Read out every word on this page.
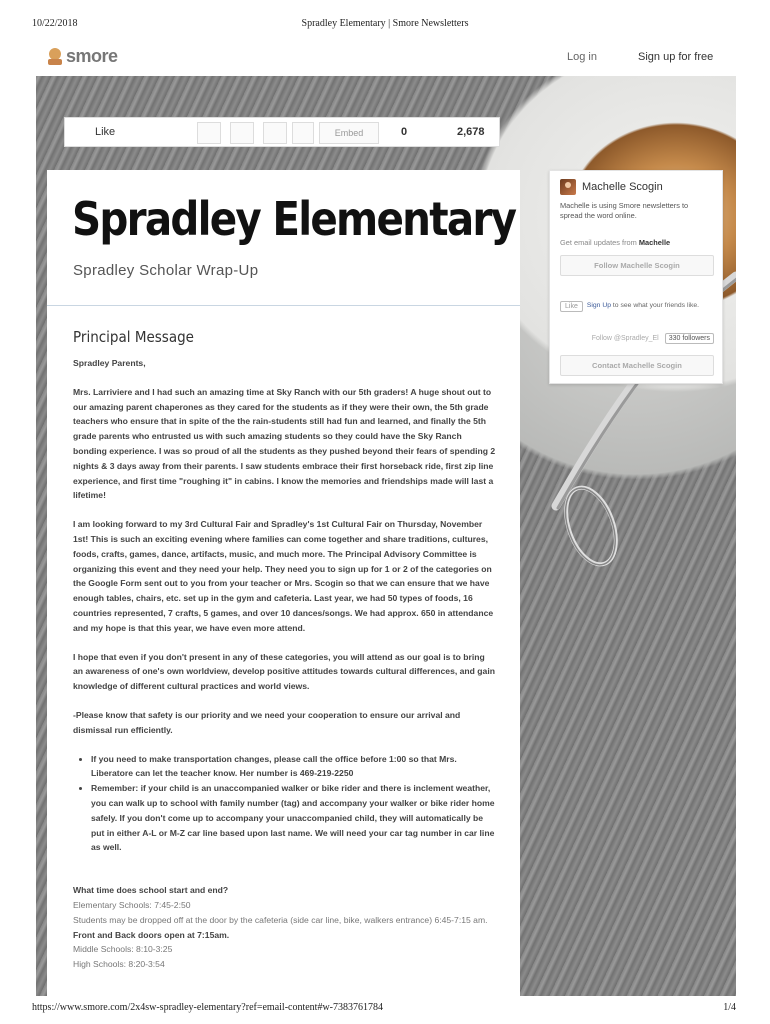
10/22/2018	Spradley Elementary | Smore Newsletters
smore	Log in	Sign up for free
Like	Embed	0	2,678
Spradley Elementary
Spradley Scholar Wrap-Up
Principal Message

Spradley Parents,

Mrs. Larriviere and I had such an amazing time at Sky Ranch with our 5th graders! A huge shout out to our amazing parent chaperones as they cared for the students as if they were their own, the 5th grade teachers who ensure that in spite of the the rain-students still had fun and learned, and finally the 5th grade parents who entrusted us with such amazing students so they could have the Sky Ranch bonding experience. I was so proud of all the students as they pushed beyond their fears of spending 2 nights & 3 days away from their parents. I saw students embrace their first horseback ride, first zip line experience, and first time "roughing it" in cabins. I know the memories and friendships made will last a lifetime!

I am looking forward to my 3rd Cultural Fair and Spradley's 1st Cultural Fair on Thursday, November 1st! This is such an exciting evening where families can come together and share traditions, cultures, foods, crafts, games, dance, artifacts, music, and much more. The Principal Advisory Committee is organizing this event and they need your help. They need you to sign up for 1 or 2 of the categories on the Google Form sent out to you from your teacher or Mrs. Scogin so that we can ensure that we have enough tables, chairs, etc. set up in the gym and cafeteria. Last year, we had 50 types of foods, 16 countries represented, 7 crafts, 5 games, and over 10 dances/songs. We had approx. 650 in attendance and my hope is that this year, we have even more attend.

I hope that even if you don't present in any of these categories, you will attend as our goal is to bring an awareness of one's own worldview, develop positive attitudes towards cultural differences, and gain knowledge of different cultural practices and world views.

-Please know that safety is our priority and we need your cooperation to ensure our arrival and dismissal run efficiently.

• If you need to make transportation changes, please call the office before 1:00 so that Mrs. Liberatore can let the teacher know. Her number is 469-219-2250
• Remember: if your child is an unaccompanied walker or bike rider and there is inclement weather, you can walk up to school with family number (tag) and accompany your walker or bike rider home safely. If you don't come up to accompany your unaccompanied child, they will automatically be put in either A-L or M-Z car line based upon last name. We will need your car tag number in car line as well.

What time does school start and end?

Elementary Schools: 7:45-2:50

Students may be dropped off at the door by the cafeteria (side car line, bike, walkers entrance) 6:45-7:15 am. Front and Back doors open at 7:15am.

Middle Schools: 8:10-3:25

High Schools: 8:20-3:54

Machelle Scogin
Machelle is using Smore newsletters to spread the word online.
Get email updates from Machelle
Follow Machelle Scogin
Like	Sign Up to see what your friends like.
Follow @Spradley_El	330 followers
Contact Machelle Scogin
https://www.smore.com/2x4sw-spradley-elementary?ref=email-content#w-7383761784	1/4
